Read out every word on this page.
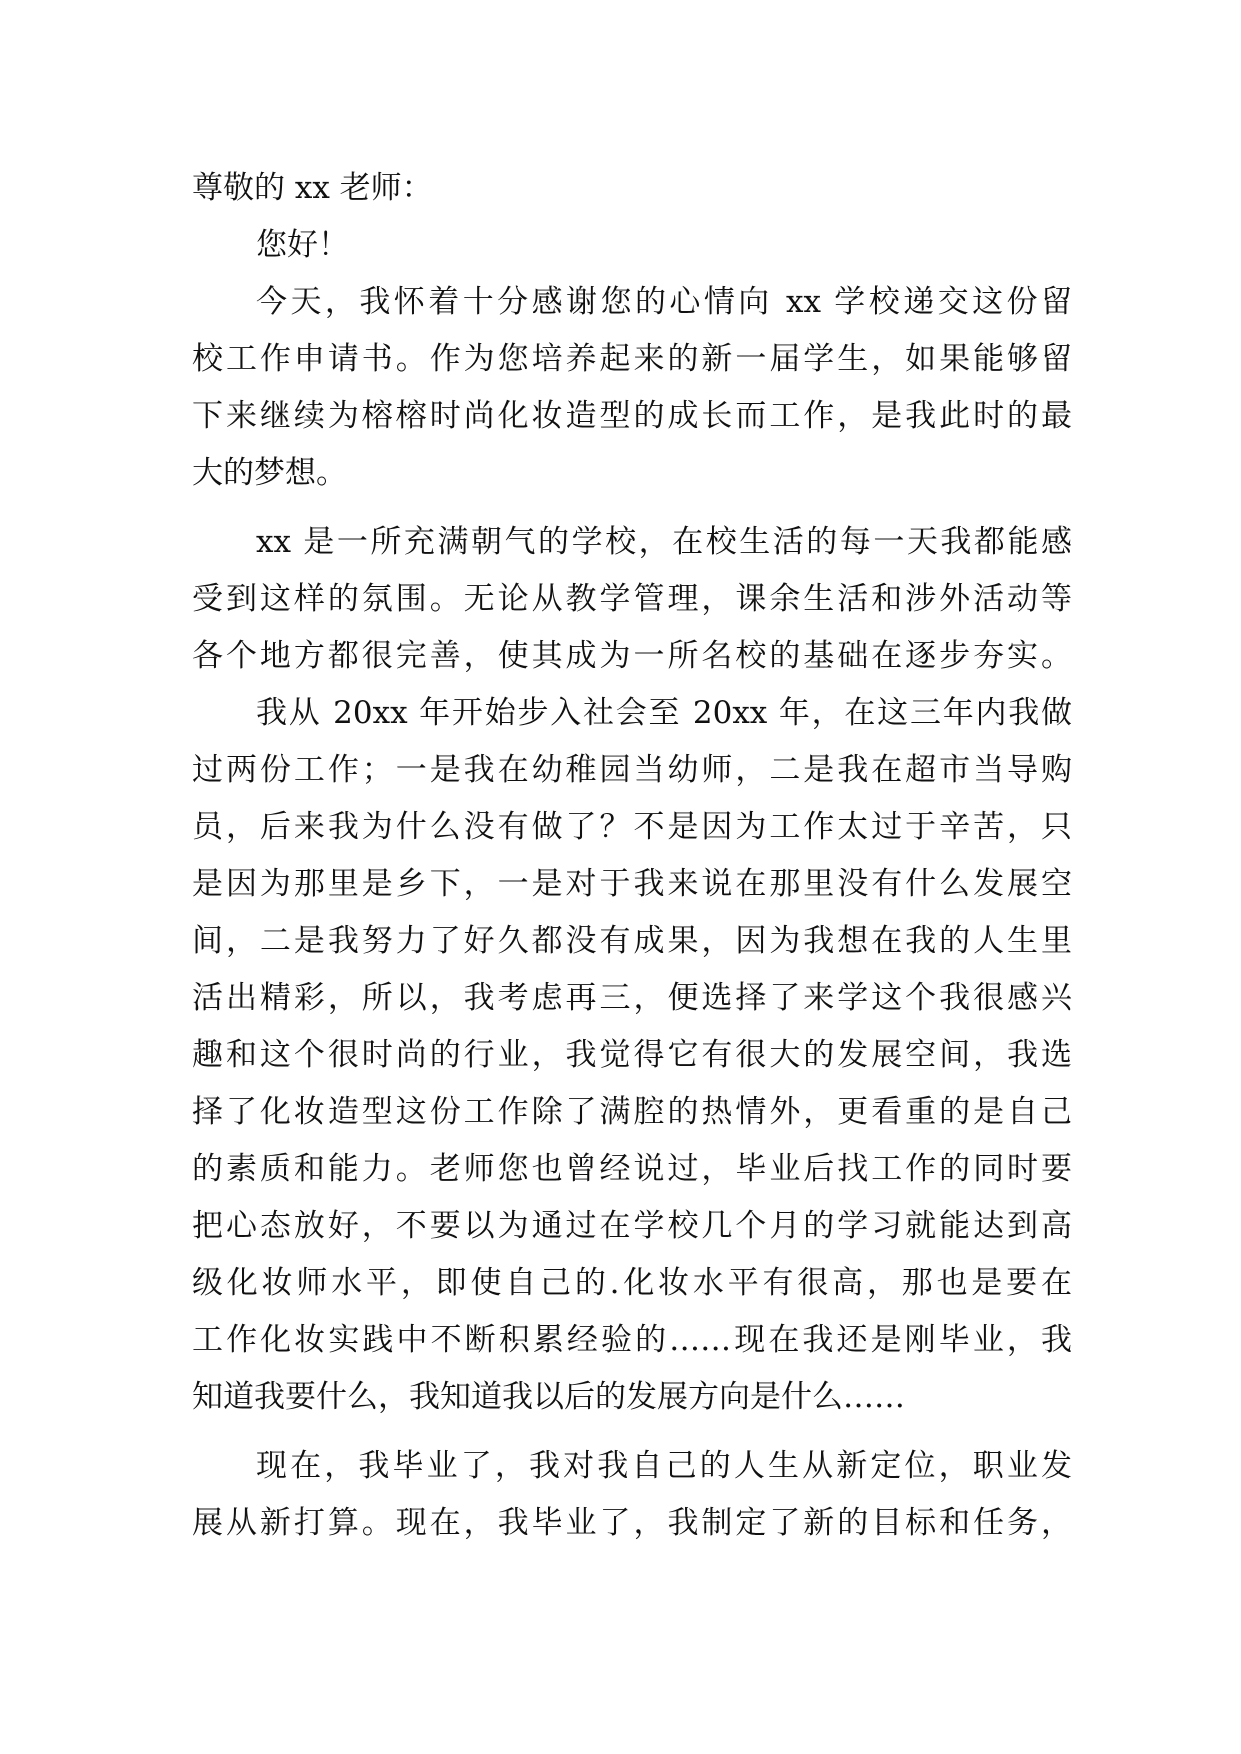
尊敬的 xx 老师：
您好！
今天，我怀着十分感谢您的心情向 xx 学校递交这份留
校工作申请书。作为您培养起来的新一届学生，如果能够留
下来继续为榕榕时尚化妆造型的成长而工作，是我此时的最
大的梦想。
xx 是一所充满朝气的学校，在校生活的每一天我都能感
受到这样的氛围。无论从教学管理，课余生活和涉外活动等
各个地方都很完善，使其成为一所名校的基础在逐步夯实。
我从 20xx 年开始步入社会至 20xx 年，在这三年内我做
过两份工作；一是我在幼稚园当幼师，二是我在超市当导购
员，后来我为什么没有做了？不是因为工作太过于辛苦，只
是因为那里是乡下，一是对于我来说在那里没有什么发展空
间，二是我努力了好久都没有成果，因为我想在我的人生里
活出精彩，所以，我考虑再三，便选择了来学这个我很感兴
趣和这个很时尚的行业，我觉得它有很大的发展空间，我选
择了化妆造型这份工作除了满腔的热情外，更看重的是自己
的素质和能力。老师您也曾经说过，毕业后找工作的同时要
把心态放好，不要以为通过在学校几个月的学习就能达到高
级化妆师水平，即使自己的.化妆水平有很高，那也是要在
工作化妆实践中不断积累经验的……现在我还是刚毕业，我
知道我要什么，我知道我以后的发展方向是什么……
现在，我毕业了，我对我自己的人生从新定位，职业发
展从新打算。现在，我毕业了，我制定了新的目标和任务，
